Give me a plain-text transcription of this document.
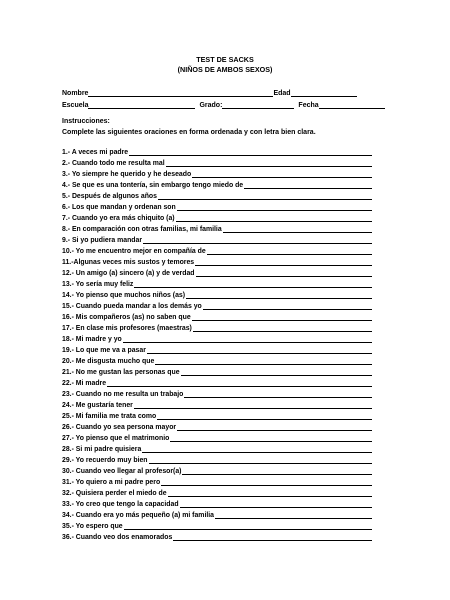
TEST DE SACKS
(NIÑOS DE AMBOS SEXOS)
Nombre	Edad
Escuela	Grado:	Fecha
Instrucciones:
Complete las siguientes oraciones en forma ordenada y con letra bien clara.
1.- A veces mi padre
2.- Cuando todo me resulta mal
3.- Yo siempre he querido y he deseado
4.- Se que es una tontería, sin embargo tengo miedo de
5.- Después de algunos años
6.- Los que mandan y ordenan son
7.- Cuando yo era más chiquito (a)
8.- En comparación con otras familias, mi familia
9.- Si yo pudiera mandar
10.- Yo me encuentro mejor en compañía de
11.-Algunas veces mis sustos y temores
12.- Un amigo (a) sincero (a) y de verdad
13.- Yo sería muy feliz
14.- Yo pienso que muchos niños (as)
15.- Cuando pueda mandar a los demás yo
16.- Mis compañeros (as) no saben que
17.- En clase mis profesores (maestras)
18.- Mi madre y yo
19.- Lo que me va a pasar
20.- Me disgusta mucho que
21.- No me gustan las personas que
22.- Mi madre
23.- Cuando no me resulta un trabajo
24.- Me gustaría tener
25.- Mi familia me trata como
26.- Cuando yo sea persona mayor
27.- Yo pienso que el matrimonio
28.- Si mi padre quisiera
29.- Yo recuerdo muy bien
30.- Cuando veo llegar al profesor(a)
31.- Yo quiero a mi padre pero
32.- Quisiera perder el miedo de
33.- Yo creo que tengo la capacidad
34.- Cuando era yo más pequeño (a) mi familia
35.- Yo espero que
36.- Cuando veo dos enamorados
